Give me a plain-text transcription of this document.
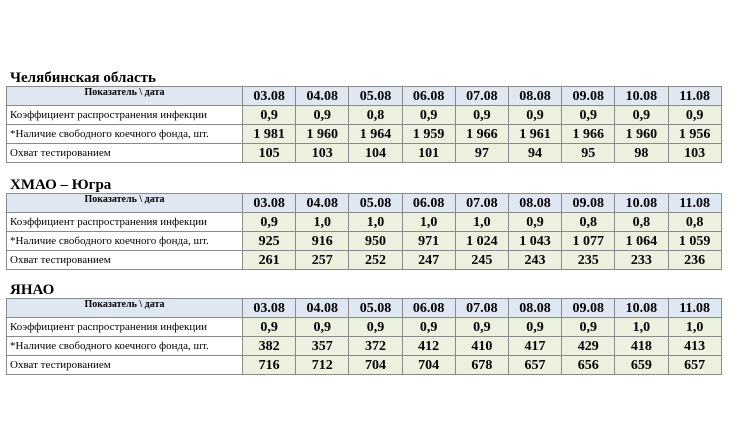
Челябинская область
Показатель \ дата	03.08	04.08	05.08	06.08	07.08	08.08	09.08	10.08	11.08
Коэффициент распространения инфекции	0,9	0,9	0,8	0,9	0,9	0,9	0,9	0,9	0,9
*Наличие свободного коечного фонда, шт.	1 981	1 960	1 964	1 959	1 966	1 961	1 966	1 960	1 956
Охват тестированием	105	103	104	101	97	94	95	98	103
ХМАО – Югра
Показатель \ дата	03.08	04.08	05.08	06.08	07.08	08.08	09.08	10.08	11.08
Коэффициент распространения инфекции	0,9	1,0	1,0	1,0	1,0	0,9	0,8	0,8	0,8
*Наличие свободного коечного фонда, шт.	925	916	950	971	1 024	1 043	1 077	1 064	1 059
Охват тестированием	261	257	252	247	245	243	235	233	236
ЯНАО
Показатель \ дата	03.08	04.08	05.08	06.08	07.08	08.08	09.08	10.08	11.08
Коэффициент распространения инфекции	0,9	0,9	0,9	0,9	0,9	0,9	0,9	1,0	1,0
*Наличие свободного коечного фонда, шт.	382	357	372	412	410	417	429	418	413
Охват тестированием	716	712	704	704	678	657	656	659	657
